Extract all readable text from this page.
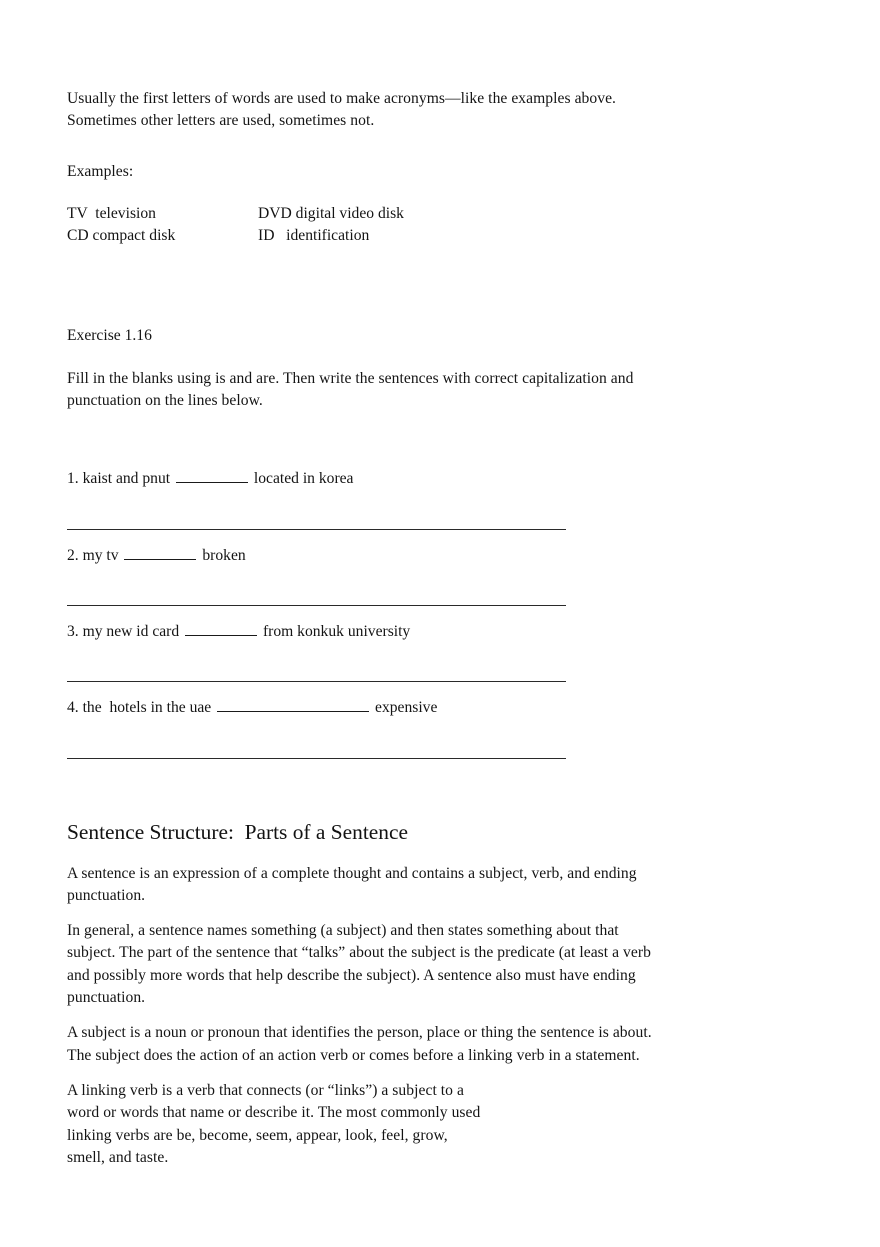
Usually the first letters of words are used to make acronyms—like the examples above. Sometimes other letters are used, sometimes not.

Examples:

TV  television	DVD digital video disk
CD compact disk	ID   identification

Exercise 1.16

Fill in the blanks using is and are. Then write the sentences with correct capitalization and punctuation on the lines below.

1. kaist and pnut	located in korea

2. my tv	broken

3. my new id card	from konkuk university

4. the  hotels in the uae	expensive

Sentence Structure:  Parts of a Sentence

A sentence is an expression of a complete thought and contains a subject, verb, and ending punctuation.

In general, a sentence names something (a subject) and then states something about that subject. The part of the sentence that “talks” about the subject is the predicate (at least a verb and possibly more words that help describe the subject). A sentence also must have ending punctuation.

A subject is a noun or pronoun that identifies the person, place or thing the sentence is about. The subject does the action of an action verb or comes before a linking verb in a statement.

A linking verb is a verb that connects (or “links”) a subject to a word or words that name or describe it. The most commonly used linking verbs are be, become, seem, appear, look, feel, grow, smell, and taste.
